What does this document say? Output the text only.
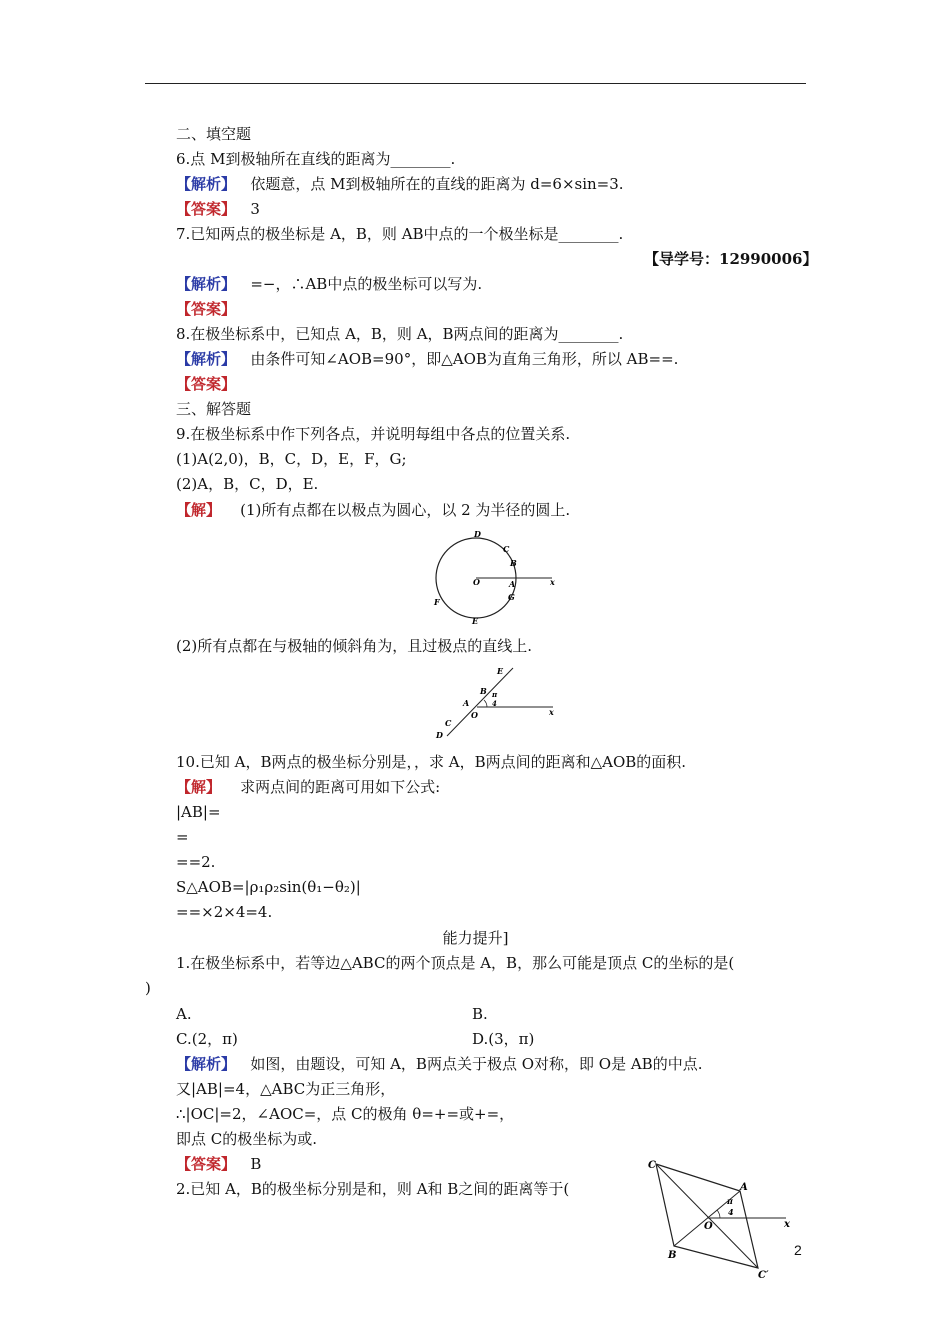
二、填空题
6.点 M到极轴所在直线的距离为________.
【解析】 依题意，点 M到极轴所在的直线的距离为 d=6×sin=3.
【答案】 3
7.已知两点的极坐标是 A，B，则 AB中点的一个极坐标是________.
【导学号：12990006】
【解析】 =−，∴AB中点的极坐标可以写为.
【答案】
8.在极坐标系中，已知点 A，B，则 A，B两点间的距离为________.
【解析】 由条件可知∠AOB=90°，即△AOB为直角三角形，所以 AB==.
【答案】
三、解答题
9.在极坐标系中作下列各点，并说明每组中各点的位置关系.
(1)A(2,0)，B，C，D，E，F，G;
(2)A，B，C，D，E.
【解】 (1)所有点都在以极点为圆心，以 2 为半径的圆上.
D
C
B
O	A	x
F	G
E
(2)所有点都在与极轴的倾斜角为，且过极点的直线上.
E
B π
4
A
O	x
C
D
10.已知 A，B两点的极坐标分别是，，求 A，B两点间的距离和△AOB的面积.
【解】 求两点间的距离可用如下公式:
|AB|=
=
==2.
S△AOB=|ρ₁ρ₂sin(θ₁−θ₂)|
==×2×4=4.
能力提升]
1.在极坐标系中，若等边△ABC的两个顶点是 A，B，那么可能是顶点 C的坐标的是(
)
A.	B.
C.(2，π)	D.(3，π)
【解析】 如图，由题设，可知 A，B两点关于极点 O对称，即 O是 AB的中点.
又|AB|=4，△ABC为正三角形，
∴|OC|=2，∠AOC=，点 C的极角 θ=+=或+=，
即点 C的极坐标为或.
【答案】 B
2.已知 A，B的极坐标分别是和，则 A和 B之间的距离等于(
C
A
π
4
O	x
B
C′
2
